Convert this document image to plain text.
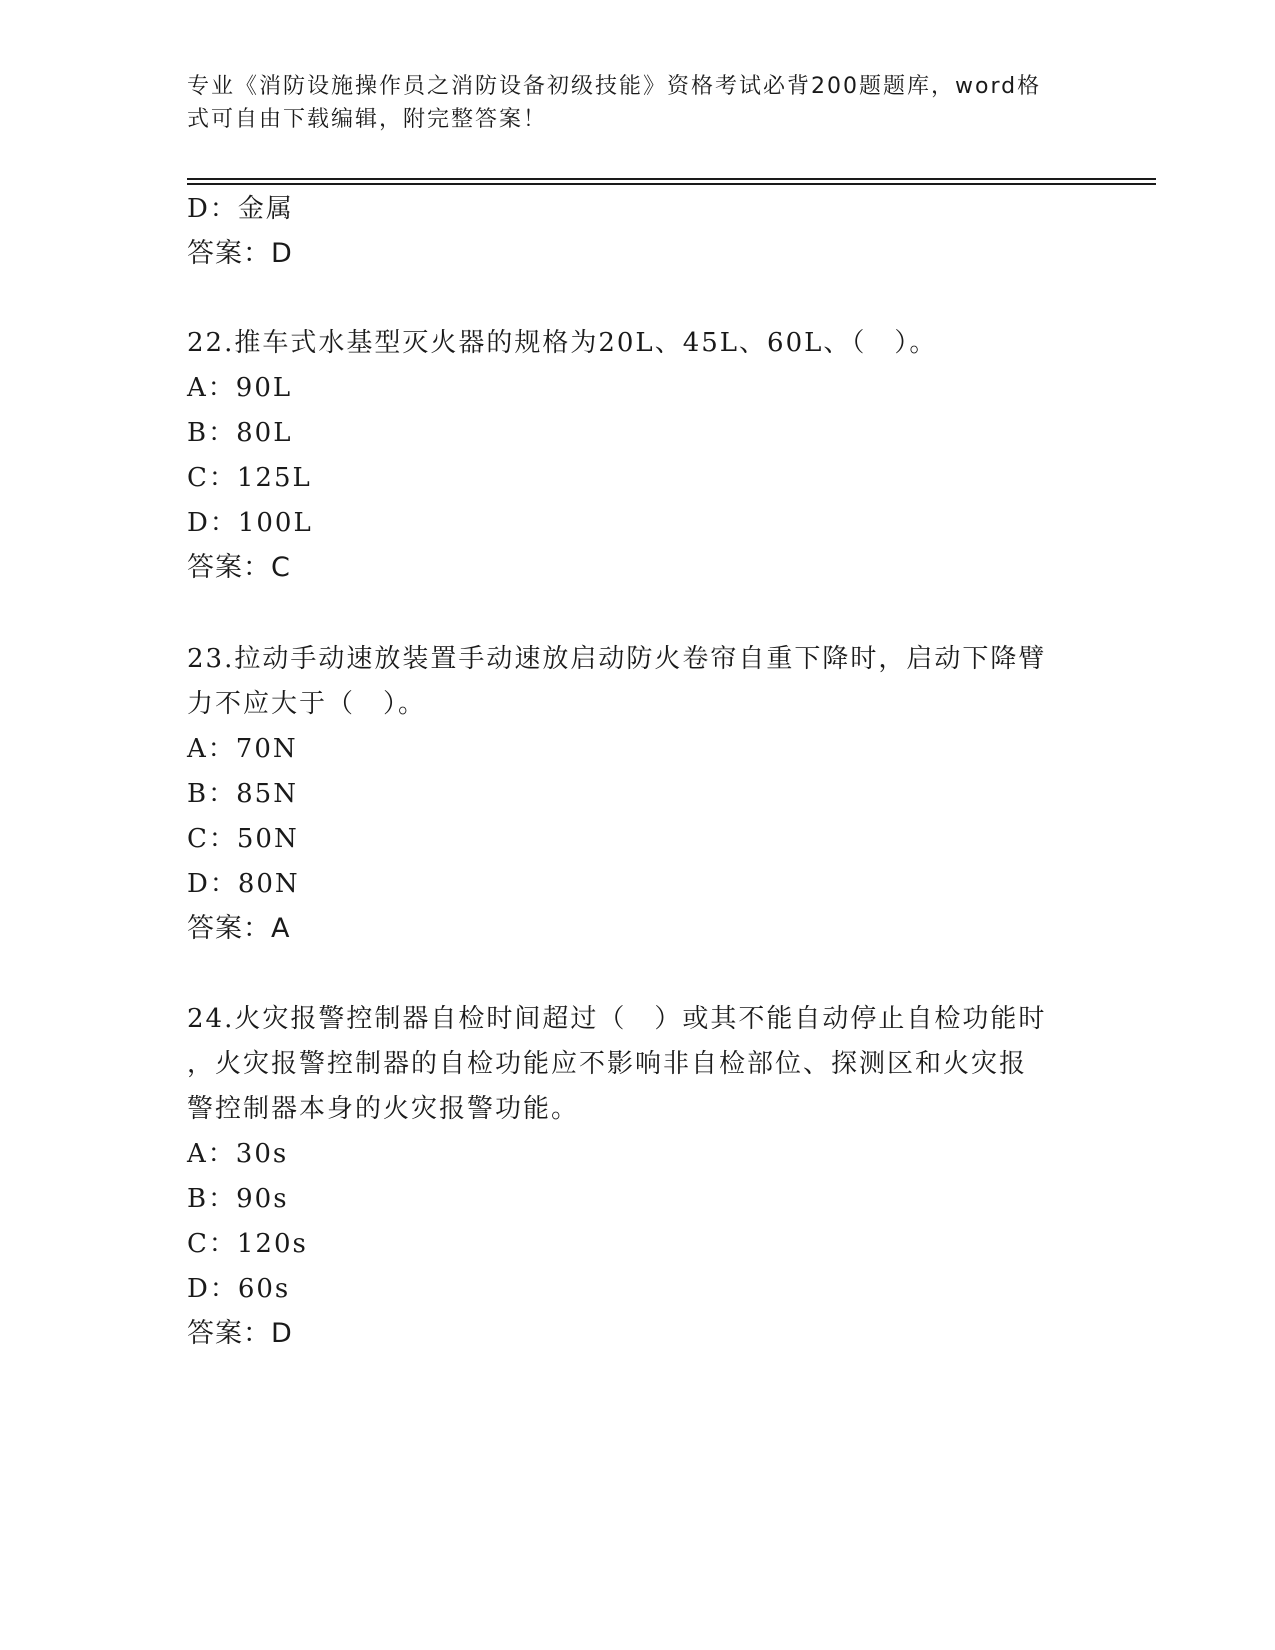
专业《消防设施操作员之消防设备初级技能》资格考试必背200题题库，word格
式可自由下载编辑，附完整答案！
D：金属
答案：D
22.推车式水基型灭火器的规格为20L、45L、60L、（　）。
A：90L
B：80L
C：125L
D：100L
答案：C
23.拉动手动速放装置手动速放启动防火卷帘自重下降时，启动下降臂
力不应大于（　）。
A：70N
B：85N
C：50N
D：80N
答案：A
24.火灾报警控制器自检时间超过（　）或其不能自动停止自检功能时
，火灾报警控制器的自检功能应不影响非自检部位、探测区和火灾报
警控制器本身的火灾报警功能。
A：30s
B：90s
C：120s
D：60s
答案：D
